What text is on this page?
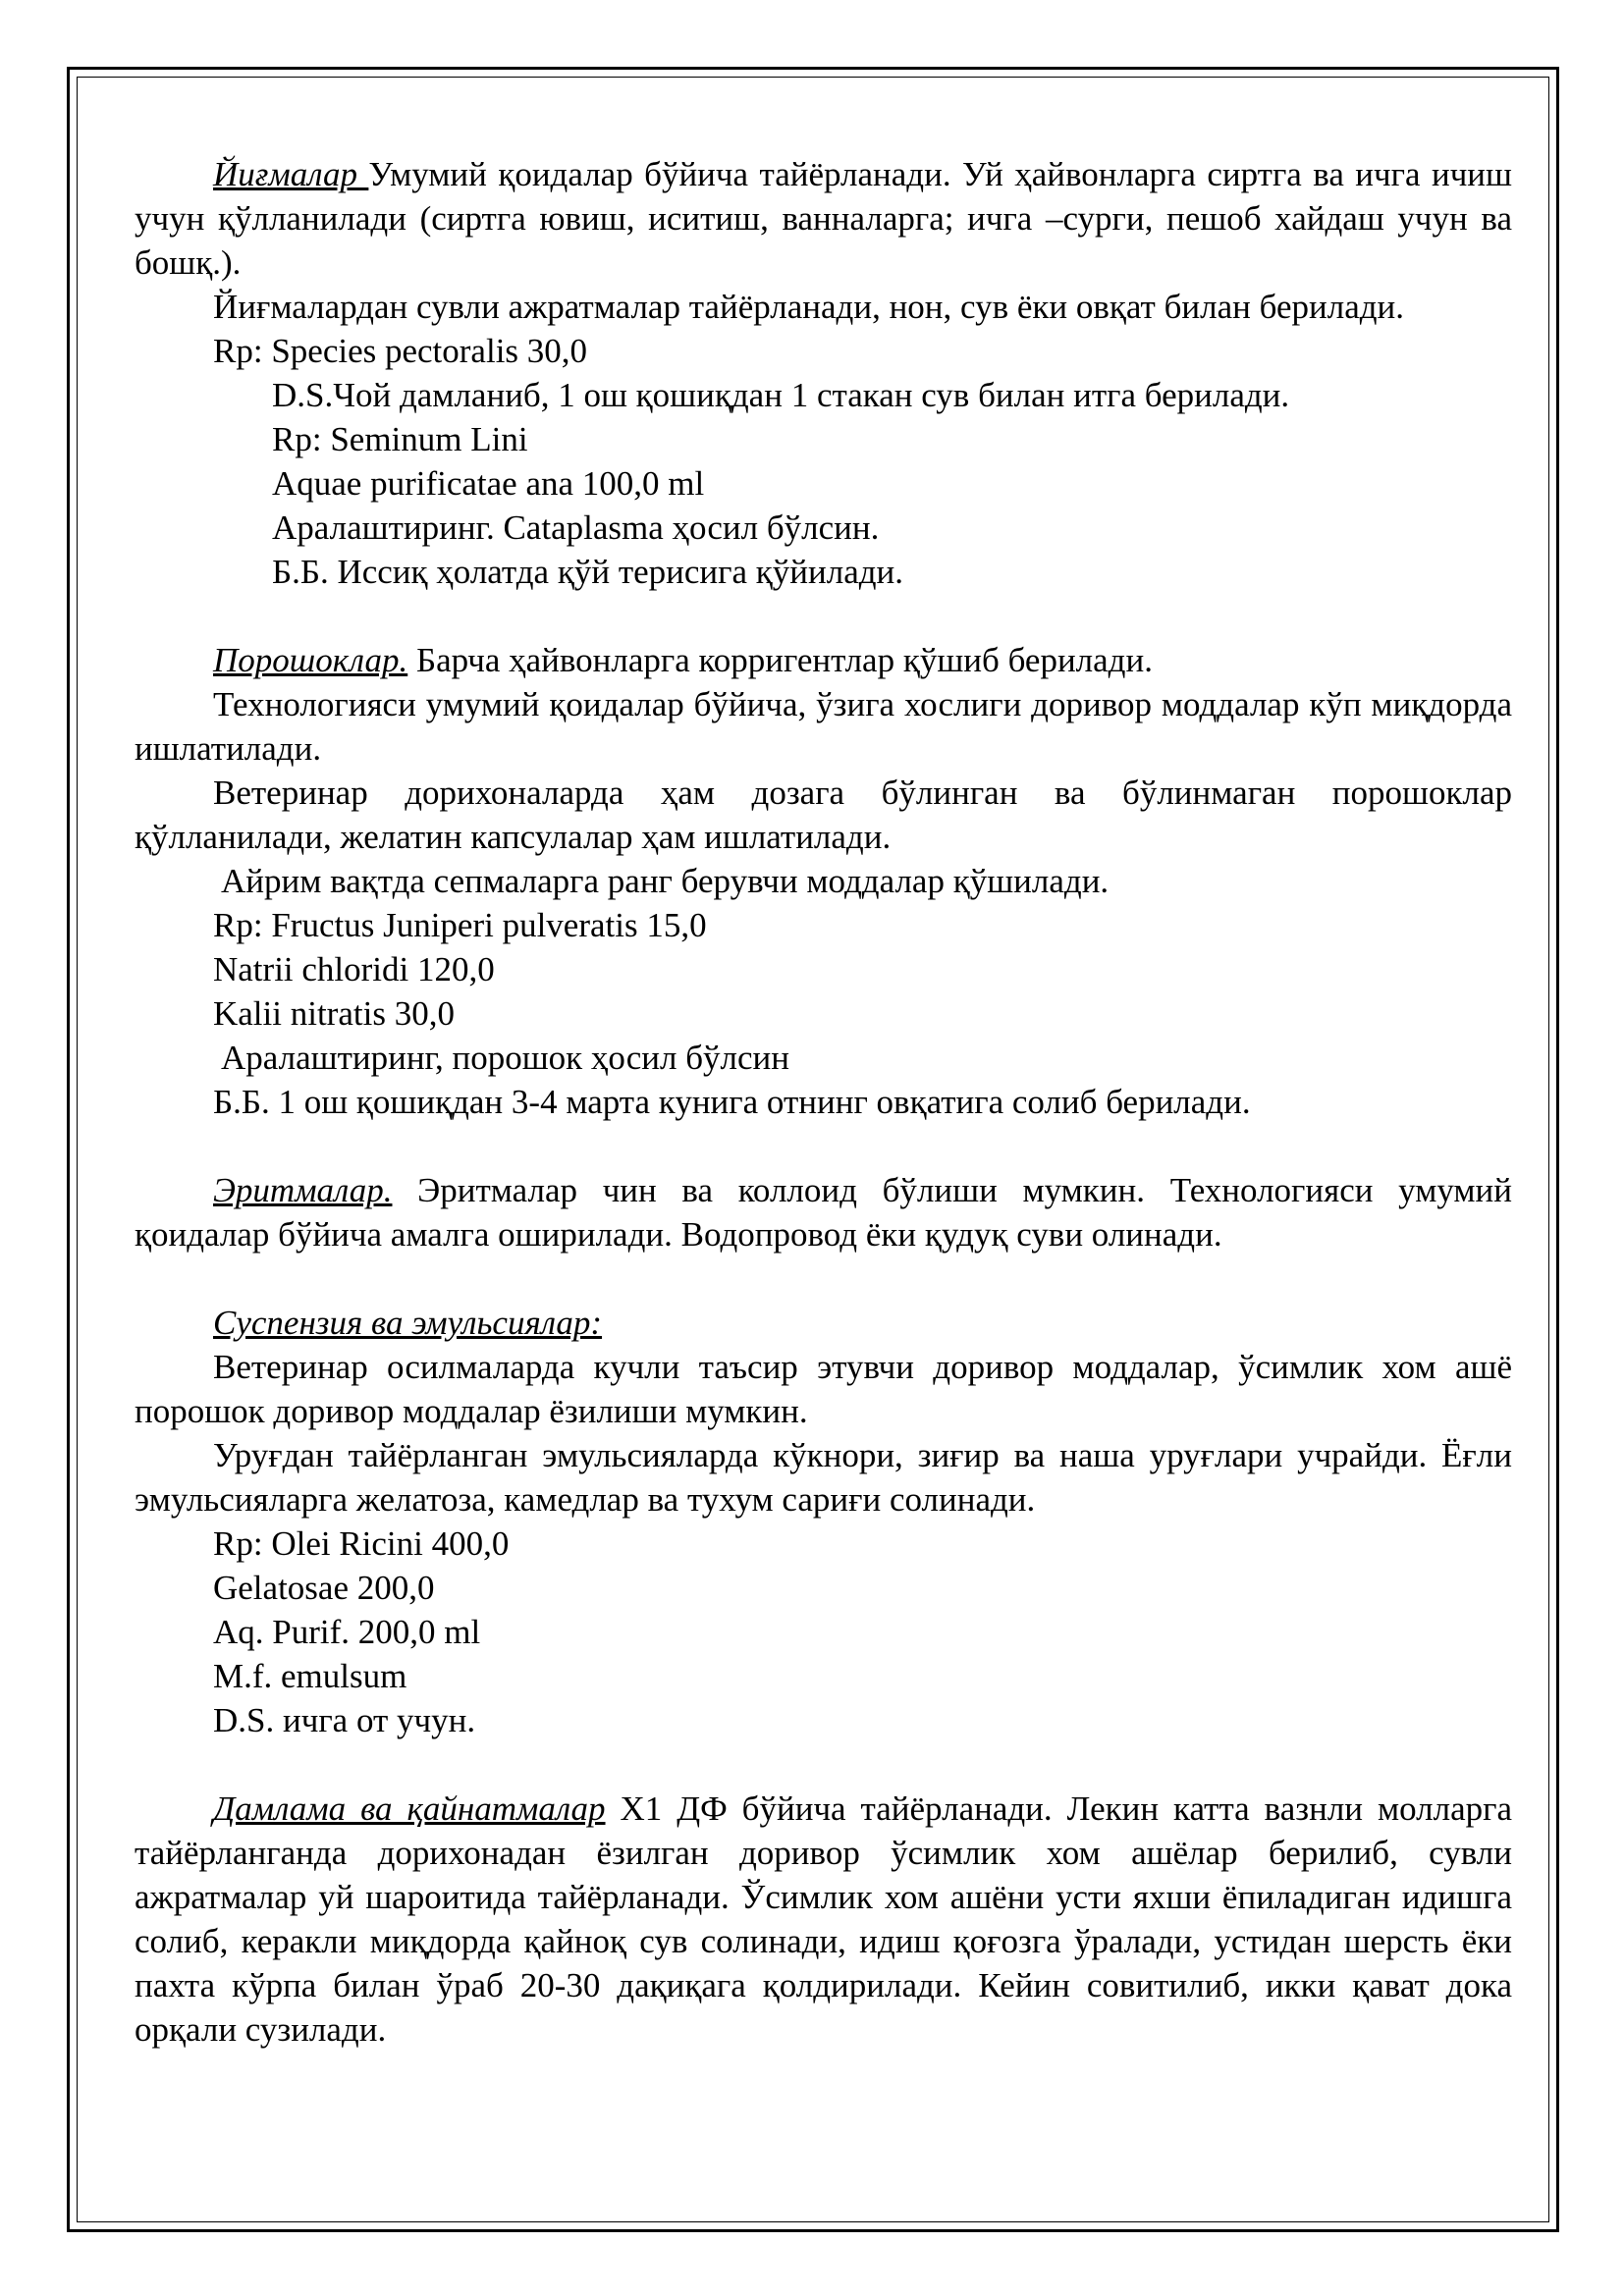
Йиғмалар Умумий қоидалар бўйича тайёрланади. Уй ҳайвонларга сиртга ва ичга ичиш учун қўлланилади (сиртга ювиш, иситиш, ванналарга; ичга –сурги, пешоб хайдаш учун ва бошқ.).

Йиғмалардан сувли ажратмалар тайёрланади, нон, сув ёки овқат билан берилади.

Rp: Species pectoralis 30,0

D.S.Чой дамланиб, 1 ош қошиқдан 1 стакан сув билан итга берилади.

Rp: Seminum Lini

Aquae purificatae ana 100,0 ml

Аралаштиринг. Cataplasma ҳосил бўлсин.

Б.Б. Иссиқ ҳолатда қўй терисига қўйилади.

Порошоклар. Барча ҳайвонларга корригентлар қўшиб берилади.

Технологияси умумий қоидалар бўйича, ўзига хослиги доривор моддалар кўп миқдорда ишлатилади.

Ветеринар дорихоналарда ҳам дозага бўлинган ва бўлинмаган порошоклар қўлланилади, желатин капсулалар ҳам ишлатилади.

Айрим вақтда сепмаларга ранг берувчи моддалар қўшилади.

Rp: Fructus Juniperi pulveratis 15,0

Natrii chloridi 120,0

Kalii nitratis 30,0

Аралаштиринг, порошок ҳосил бўлсин

Б.Б. 1 ош қошиқдан 3-4 марта кунига отнинг овқатига солиб берилади.

Эритмалар. Эритмалар чин ва коллоид бўлиши мумкин. Технологияси умумий қоидалар бўйича амалга оширилади. Водопровод ёки қудуқ суви олинади.

Суспензия ва эмульсиялар:

Ветеринар осилмаларда кучли таъсир этувчи доривор моддалар, ўсимлик хом ашё порошок доривор моддалар ёзилиши мумкин.

Уруғдан тайёрланган эмульсияларда кўкнори, зиғир ва наша уруғлари учрайди. Ёғли эмульсияларга желатоза, камедлар ва тухум сариғи солинади.

Rp: Olei Ricini 400,0

Gelatosae 200,0

Aq. Purif. 200,0 ml

M.f. emulsum

D.S. ичга от учун.

Дамлама ва қайнатмалар Х1 ДФ бўйича тайёрланади. Лекин катта вазнли молларга тайёрланганда дорихонадан ёзилган доривор ўсимлик хом ашёлар берилиб, сувли ажратмалар уй шароитида тайёрланади. Ўсимлик хом ашёни усти яхши ёпиладиган идишга солиб, керакли миқдорда қайноқ сув солинади, идиш қоғозга ўралади, устидан шерсть ёки пахта кўрпа билан ўраб 20-30 дақиқага қолдирилади. Кейин совитилиб, икки қават дока орқали сузилади.
